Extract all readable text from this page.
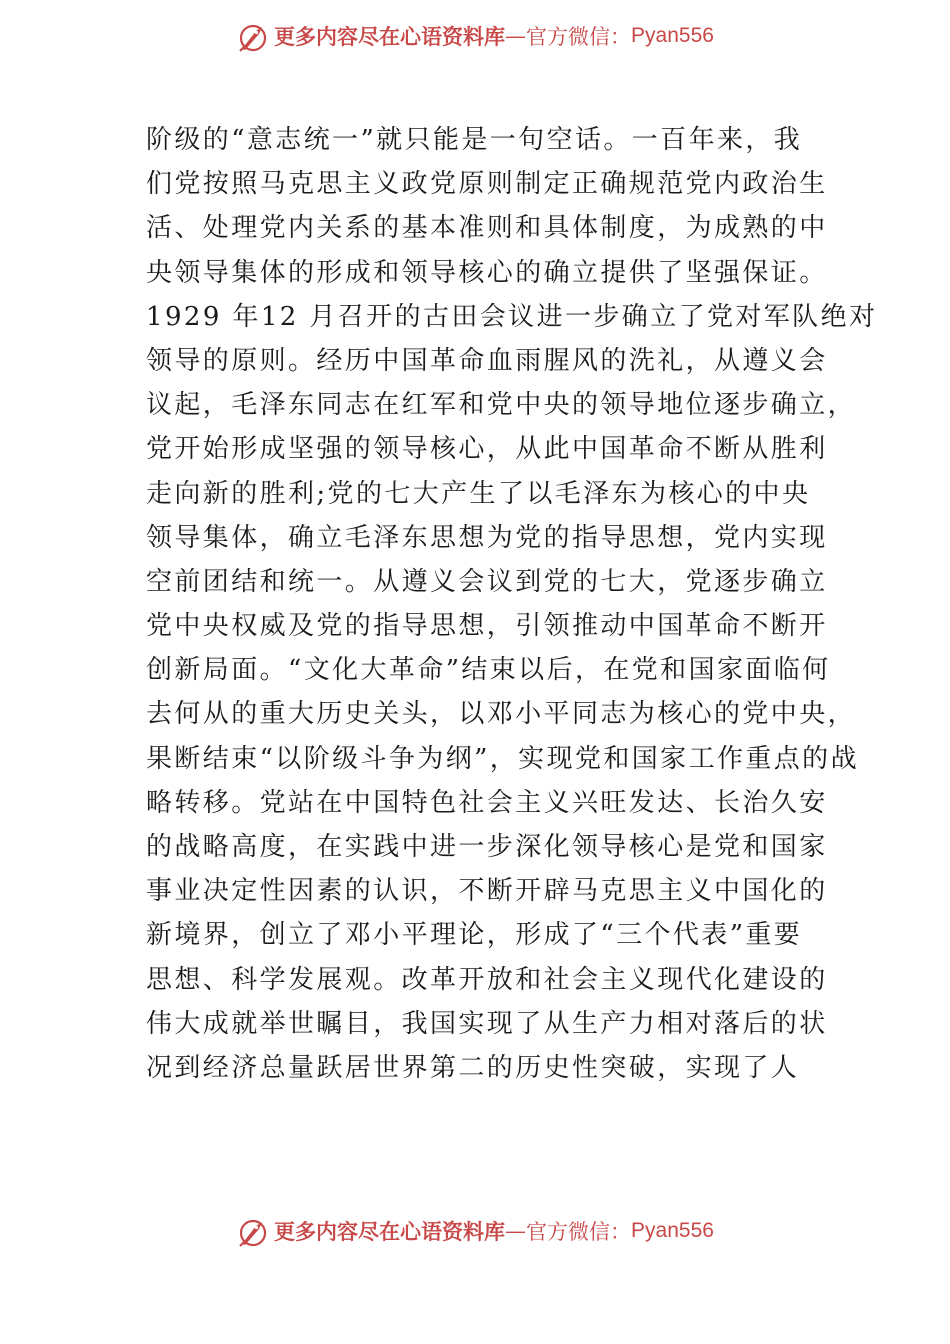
更多内容尽在心语资料库 — 官方微信： Pyan556
阶级的“意志统一”就只能是一句空话。一百年来，我
们党按照马克思主义政党原则制定正确规范党内政治生
活、处理党内关系的基本准则和具体制度，为成熟的中
央领导集体的形成和领导核心的确立提供了坚强保证。
1929 年12 月召开的古田会议进一步确立了党对军队绝对
领导的原则。经历中国革命血雨腥风的洗礼，从遵义会
议起，毛泽东同志在红军和党中央的领导地位逐步确立，
党开始形成坚强的领导核心，从此中国革命不断从胜利
走向新的胜利;党的七大产生了以毛泽东为核心的中央
领导集体，确立毛泽东思想为党的指导思想，党内实现
空前团结和统一。从遵义会议到党的七大，党逐步确立
党中央权威及党的指导思想，引领推动中国革命不断开
创新局面。“文化大革命”结束以后，在党和国家面临何
去何从的重大历史关头，以邓小平同志为核心的党中央，
果断结束“以阶级斗争为纲”，实现党和国家工作重点的战
略转移。党站在中国特色社会主义兴旺发达、长治久安
的战略高度，在实践中进一步深化领导核心是党和国家
事业决定性因素的认识，不断开辟马克思主义中国化的
新境界，创立了邓小平理论，形成了“三个代表”重要
思想、科学发展观。改革开放和社会主义现代化建设的
伟大成就举世瞩目，我国实现了从生产力相对落后的状
况到经济总量跃居世界第二的历史性突破，实现了人
更多内容尽在心语资料库 — 官方微信： Pyan556
